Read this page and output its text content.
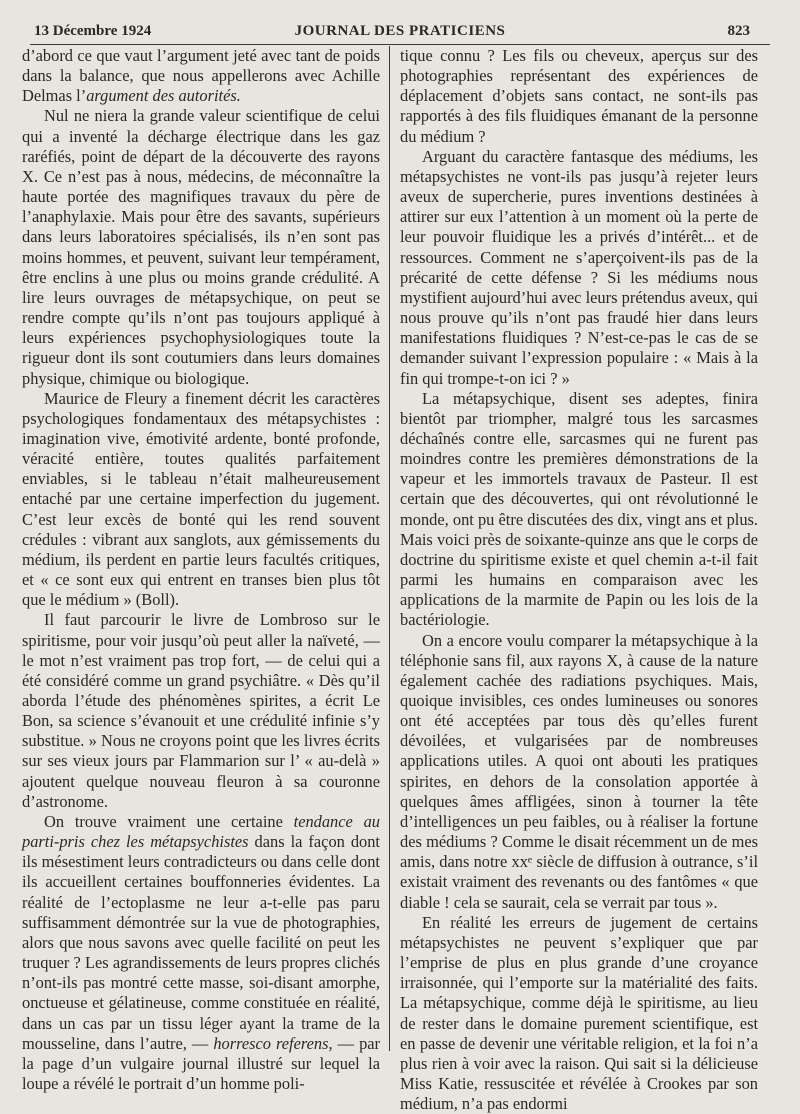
13 Décembre 1924	JOURNAL DES PRATICIENS	823

d’abord ce que vaut l’argument jeté avec tant de poids dans la balance, que nous appellerons avec Achille Delmas l’argument des autorités.

Nul ne niera la grande valeur scientifique de celui qui a inventé la décharge électrique dans les gaz raréfiés, point de départ de la découverte des rayons X. Ce n’est pas à nous, médecins, de méconnaître la haute portée des magnifiques travaux du père de l’anaphylaxie. Mais pour être des savants, supérieurs dans leurs laboratoires spécialisés, ils n’en sont pas moins hommes, et peuvent, suivant leur tempérament, être enclins à une plus ou moins grande crédulité. A lire leurs ouvrages de métapsychique, on peut se rendre compte qu’ils n’ont pas toujours appliqué à leurs expériences psychophysiologiques toute la rigueur dont ils sont coutumiers dans leurs domaines physique, chimique ou biologique.

Maurice de Fleury a finement décrit les caractères psychologiques fondamentaux des métapsychistes : imagination vive, émotivité ardente, bonté profonde, véracité entière, toutes qualités parfaitement enviables, si le tableau n’était malheureusement entaché par une certaine imperfection du jugement. C’est leur excès de bonté qui les rend souvent crédules : vibrant aux sanglots, aux gémissements du médium, ils perdent en partie leurs facultés critiques, et « ce sont eux qui entrent en transes bien plus tôt que le médium » (Boll).

Il faut parcourir le livre de Lombroso sur le spiritisme, pour voir jusqu’où peut aller la naïveté, — le mot n’est vraiment pas trop fort, — de celui qui a été considéré comme un grand psychiâtre. « Dès qu’il aborda l’étude des phénomènes spirites, a écrit Le Bon, sa science s’évanouit et une crédulité infinie s’y substitue. » Nous ne croyons point que les livres écrits sur ses vieux jours par Flammarion sur l’ « au-delà » ajoutent quelque nouveau fleuron à sa couronne d’astronome.

On trouve vraiment une certaine tendance au parti-pris chez les métapsychistes dans la façon dont ils mésestiment leurs contradicteurs ou dans celle dont ils accueillent certaines bouffonneries évidentes. La réalité de l’ectoplasme ne leur a-t-elle pas paru suffisamment démontrée sur la vue de photographies, alors que nous savons avec quelle facilité on peut les truquer ? Les agrandissements de leurs propres clichés n’ont-ils pas montré cette masse, soi-disant amorphe, onctueuse et gélatineuse, comme constituée en réalité, dans un cas par un tissu léger ayant la trame de la mousseline, dans l’autre, — horresco referens, — par la page d’un vulgaire journal illustré sur lequel la loupe a révélé le portrait d’un homme poli-

tique connu ? Les fils ou cheveux, aperçus sur des photographies représentant des expériences de déplacement d’objets sans contact, ne sont-ils pas rapportés à des fils fluidiques émanant de la personne du médium ?

Arguant du caractère fantasque des médiums, les métapsychistes ne vont-ils pas jusqu’à rejeter leurs aveux de supercherie, pures inventions destinées à attirer sur eux l’attention à un moment où la perte de leur pouvoir fluidique les a privés d’intérêt... et de ressources. Comment ne s’aperçoivent-ils pas de la précarité de cette défense ? Si les médiums nous mystifient aujourd’hui avec leurs prétendus aveux, qui nous prouve qu’ils n’ont pas fraudé hier dans leurs manifestations fluidiques ? N’est-ce-pas le cas de se demander suivant l’expression populaire : « Mais à la fin qui trompe-t-on ici ? »

La métapsychique, disent ses adeptes, finira bientôt par triompher, malgré tous les sarcasmes déchaînés contre elle, sarcasmes qui ne furent pas moindres contre les premières démonstrations de la vapeur et les immortels travaux de Pasteur. Il est certain que des découvertes, qui ont révolutionné le monde, ont pu être discutées des dix, vingt ans et plus. Mais voici près de soixante-quinze ans que le corps de doctrine du spiritisme existe et quel chemin a-t-il fait parmi les humains en comparaison avec les applications de la marmite de Papin ou les lois de la bactériologie.

On a encore voulu comparer la métapsychique à la téléphonie sans fil, aux rayons X, à cause de la nature également cachée des radiations psychiques. Mais, quoique invisibles, ces ondes lumineuses ou sonores ont été acceptées par tous dès qu’elles furent dévoilées, et vulgarisées par de nombreuses applications utiles. A quoi ont abouti les pratiques spirites, en dehors de la consolation apportée à quelques âmes affligées, sinon à tourner la tête d’intelligences un peu faibles, ou à réaliser la fortune des médiums ? Comme le disait récemment un de mes amis, dans notre xxᵉ siècle de diffusion à outrance, s’il existait vraiment des revenants ou des fantômes « que diable ! cela se saurait, cela se verrait par tous ».

En réalité les erreurs de jugement de certains métapsychistes ne peuvent s’expliquer que par l’emprise de plus en plus grande d’une croyance irraisonnée, qui l’emporte sur la matérialité des faits. La métapsychique, comme déjà le spiritisme, au lieu de rester dans le domaine purement scientifique, est en passe de devenir une véritable religion, et la foi n’a plus rien à voir avec la raison. Qui sait si la délicieuse Miss Katie, ressuscitée et révélée à Crookes par son médium, n’a pas endormi
